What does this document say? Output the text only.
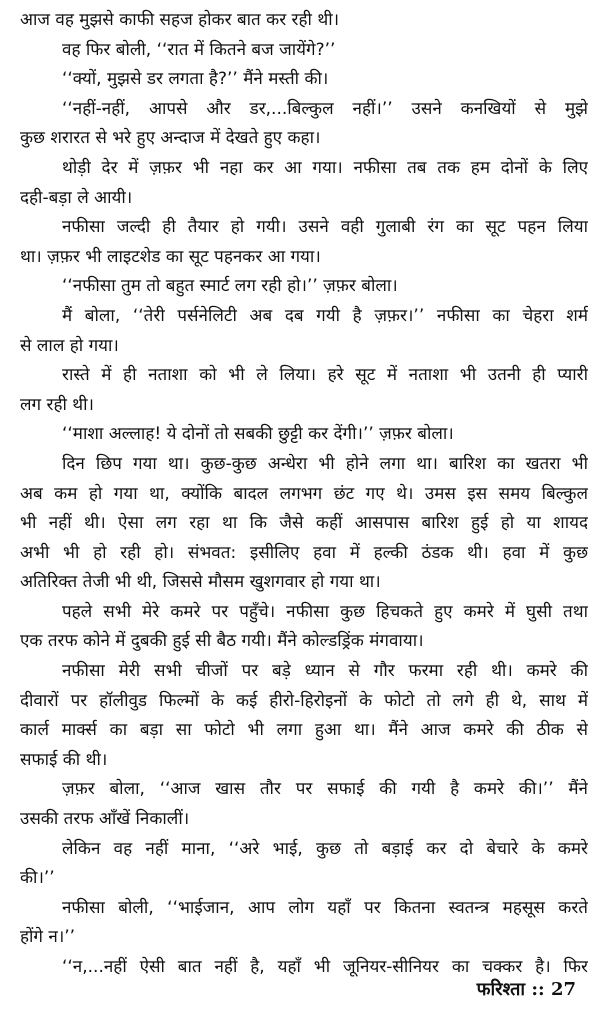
आज वह मुझसे काफी सहज होकर बात कर रही थी।
वह फिर बोली, ‘‘रात में कितने बज जायेंगे?’’
‘‘क्यों, मुझसे डर लगता है?’’ मैंने मस्ती की।
‘‘नहीं-नहीं, आपसे और डर,...बिल्कुल नहीं।’’ उसने कनखियों से मुझे
कुछ शरारत से भरे हुए अन्दाज में देखते हुए कहा।
थोड़ी देर में ज़फ़र भी नहा कर आ गया। नफीसा तब तक हम दोनों के लिए
दही-बड़ा ले आयी।
नफीसा जल्दी ही तैयार हो गयी। उसने वही गुलाबी रंग का सूट पहन लिया
था। ज़फ़र भी लाइटशेड का सूट पहनकर आ गया।
‘‘नफीसा तुम तो बहुत स्मार्ट लग रही हो।’’ ज़फ़र बोला।
मैं बोला, ‘‘तेरी पर्सनेलिटी अब दब गयी है ज़फ़र।’’ नफीसा का चेहरा शर्म
से लाल हो गया।
रास्ते में ही नताशा को भी ले लिया। हरे सूट में नताशा भी उतनी ही प्यारी
लग रही थी।
‘‘माशा अल्लाह! ये दोनों तो सबकी छुट्टी कर देंगी।’’ ज़फ़र बोला।
दिन छिप गया था। कुछ-कुछ अन्धेरा भी होने लगा था। बारिश का खतरा भी
अब कम हो गया था, क्योंकि बादल लगभग छंट गए थे। उमस इस समय बिल्कुल
भी नहीं थी। ऐसा लग रहा था कि जैसे कहीं आसपास बारिश हुई हो या शायद
अभी भी हो रही हो। संभवत: इसीलिए हवा में हल्की ठंडक थी। हवा में कुछ
अतिरिक्त तेजी भी थी, जिससे मौसम खुशगवार हो गया था।
पहले सभी मेरे कमरे पर पहुँचे। नफीसा कुछ हिचकते हुए कमरे में घुसी तथा
एक तरफ कोने में दुबकी हुई सी बैठ गयी। मैंने कोल्डड्रिंक मंगवाया।
नफीसा मेरी सभी चीजों पर बड़े ध्यान से गौर फरमा रही थी। कमरे की
दीवारों पर हॉलीवुड फिल्मों के कई हीरो-हिरोइनों के फोटो तो लगे ही थे, साथ में
कार्ल मार्क्स का बड़ा सा फोटो भी लगा हुआ था। मैंने आज कमरे की ठीक से
सफाई की थी।
ज़फ़र बोला, ‘‘आज खास तौर पर सफाई की गयी है कमरे की।’’ मैंने
उसकी तरफ आँखें निकालीं।
लेकिन वह नहीं माना, ‘‘अरे भाई, कुछ तो बड़ाई कर दो बेचारे के कमरे
की।’’
नफीसा बोली, ‘‘भाईजान, आप लोग यहाँ पर कितना स्वतन्त्र महसूस करते
होंगे न।’’
‘‘न,...नहीं ऐसी बात नहीं है, यहाँ भी जूनियर-सीनियर का चक्कर है। फिर
फरिश्ता :: 27
